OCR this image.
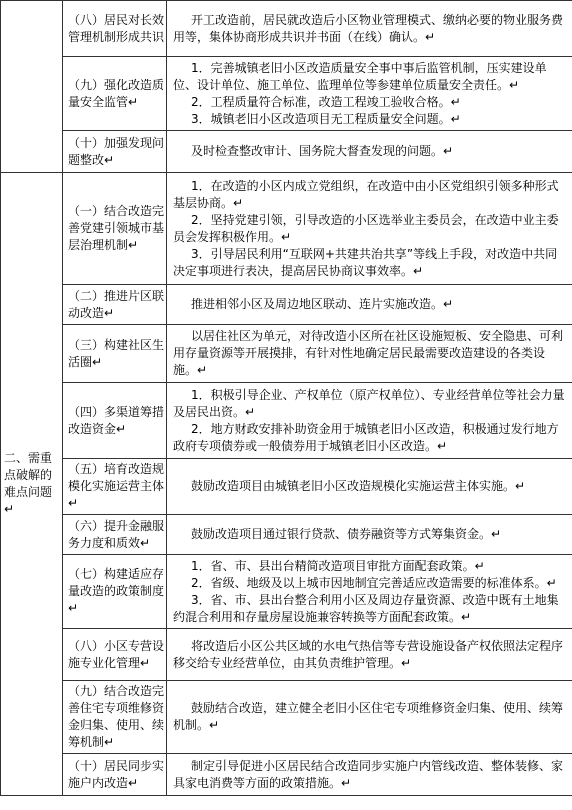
	（八）居民对长效管理机制形成共识	开工改造前，居民就改造后小区物业管理模式、缴纳必要的物业服务费用等，集体协商形成共识并书面（在线）确认。↵

	（九）强化改造质量安全监管↵	1．完善城镇老旧小区改造质量安全事中事后监管机制，压实建设单位、设计单位、施工单位、监理单位等参建单位质量安全责任。↵
2．工程质量符合标准，改造工程竣工验收合格。↵
3．城镇老旧小区改造项目无工程质量安全问题。↵

	（十）加强发现问题整改↵	及时检查整改审计、国务院大督查发现的问题。↵

二、需重点破解的难点问题↵	（一）结合改造完善党建引领城市基层治理机制↵	1．在改造的小区内成立党组织，在改造中由小区党组织引领多种形式基层协商。↵
2．坚持党建引领，引导改造的小区选举业主委员会，在改造中业主委员会发挥积极作用。↵
3．引导居民利用“互联网+共建共治共享”等线上手段，对改造中共同决定事项进行表决，提高居民协商议事效率。↵

	（二）推进片区联动改造↵	推进相邻小区及周边地区联动、连片实施改造。↵

	（三）构建社区生活圈↵	以居住社区为单元，对待改造小区所在社区设施短板、安全隐患、可利用存量资源等开展摸排，有针对性地确定居民最需要改造建设的各类设施。↵

	（四）多渠道筹措改造资金↵	1．积极引导企业、产权单位（原产权单位）、专业经营单位等社会力量及居民出资。↵
2．地方财政安排补助资金用于城镇老旧小区改造，积极通过发行地方政府专项债券或一般债券用于城镇老旧小区改造。↵

	（五）培育改造规模化实施运营主体↵	鼓励改造项目由城镇老旧小区改造规模化实施运营主体实施。↵

	（六）提升金融服务力度和质效↵	鼓励改造项目通过银行贷款、债券融资等方式筹集资金。↵

	（七）构建适应存量改造的政策制度↵	1．省、市、县出台精简改造项目审批方面配套政策。↵
2．省级、地级及以上城市因地制宜完善适应改造需要的标准体系。↵
3．省、市、县出台整合利用小区及周边存量资源、改造中既有土地集约混合利用和存量房屋设施兼容转换等方面配套政策。↵

	（八）小区专营设施专业化管理↵	将改造后小区公共区域的水电气热信等专营设施设备产权依照法定程序移交给专业经营单位，由其负责维护管理。↵

	（九）结合改造完善住宅专项维修资金归集、使用、续筹机制↵	鼓励结合改造，建立健全老旧小区住宅专项维修资金归集、使用、续筹机制。↵

	（十）居民同步实施户内改造↵	制定引导促进小区居民结合改造同步实施户内管线改造、整体装修、家具家电消费等方面的政策措施。↵
